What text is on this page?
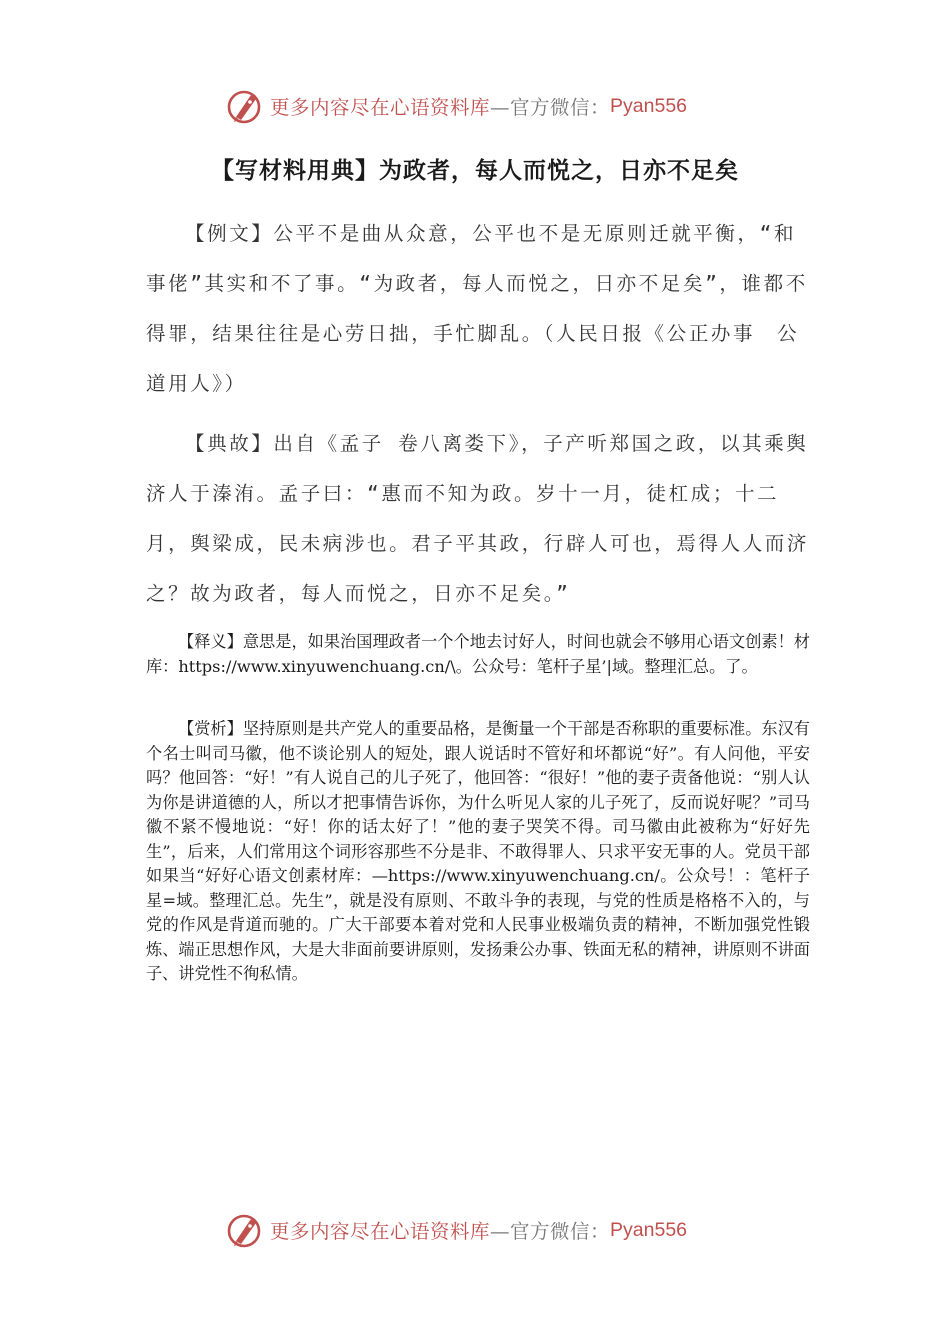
更多内容尽在心语资料库 —官方微信： Pyan556
【写材料用典】为政者，每人而悦之，日亦不足矣

【例文】公平不是曲从众意，公平也不是无原则迁就平衡，“和事佬”其实和不了事。“为政者，每人而悦之，日亦不足矣”，谁都不得罪，结果往往是心劳日拙，手忙脚乱。（人民日报《公正办事　公道用人》）

【典故】出自《孟子 卷八离娄下》，子产听郑国之政，以其乘舆济人于溱洧。孟子曰：“惠而不知为政。岁十一月，徒杠成；十二月，舆梁成，民未病涉也。君子平其政，行辟人可也，焉得人人而济之？故为政者，每人而悦之，日亦不足矣。”

【释义】意思是，如果治国理政者一个个地去讨好人，时间也就会不够用心语文创素！材库：https://www.xinyuwenchuang.cn/\。公众号：笔杆子星’|域。整理汇总。了。

【赏析】坚持原则是共产党人的重要品格，是衡量一个干部是否称职的重要标准。东汉有个名士叫司马徽，他不谈论别人的短处，跟人说话时不管好和坏都说“好”。有人问他，平安吗？他回答：“好！”有人说自己的儿子死了，他回答：“很好！”他的妻子责备他说：“别人认为你是讲道德的人，所以才把事情告诉你，为什么听见人家的儿子死了，反而说好呢？”司马徽不紧不慢地说：“好！你的话太好了！”他的妻子哭笑不得。司马徽由此被称为“好好先生”，后来，人们常用这个词形容那些不分是非、不敢得罪人、只求平安无事的人。党员干部如果当“好好心语文创素材库：—https://www.xinyuwenchuang.cn/。公众号！：笔杆子星=域。整理汇总。先生”，就是没有原则、不敢斗争的表现，与党的性质是格格不入的，与党的作风是背道而驰的。广大干部要本着对党和人民事业极端负责的精神，不断加强党性锻炼、端正思想作风，大是大非面前要讲原则，发扬秉公办事、铁面无私的精神，讲原则不讲面子、讲党性不徇私情。

更多内容尽在心语资料库 —官方微信： Pyan556
